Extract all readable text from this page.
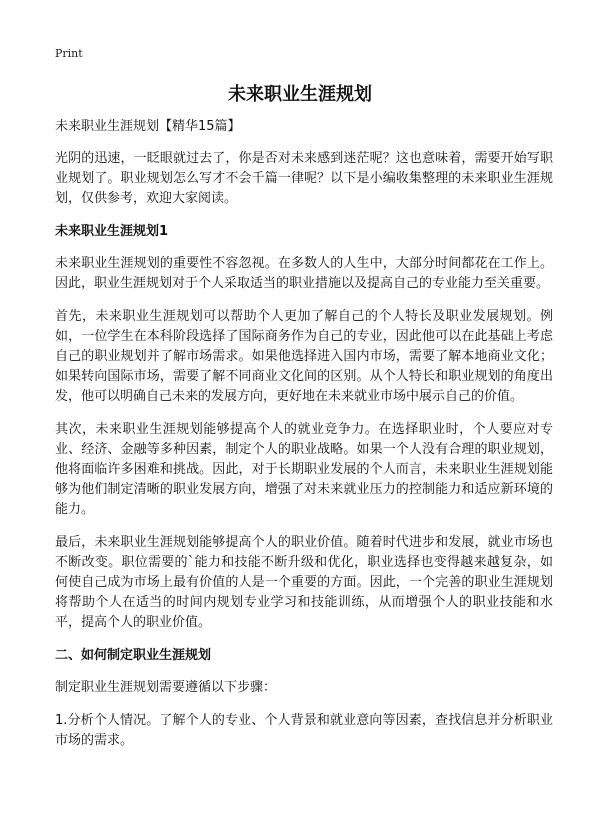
Print
未来职业生涯规划

未来职业生涯规划【精华15篇】

光阴的迅速，一眨眼就过去了，你是否对未来感到迷茫呢？这也意味着，需要开始写职业规划了。职业规划怎么写才不会千篇一律呢？以下是小编收集整理的未来职业生涯规划，仅供参考，欢迎大家阅读。

未来职业生涯规划1

未来职业生涯规划的重要性不容忽视。在多数人的人生中，大部分时间都花在工作上。因此，职业生涯规划对于个人采取适当的职业措施以及提高自己的专业能力至关重要。

首先，未来职业生涯规划可以帮助个人更加了解自己的个人特长及职业发展规划。例如，一位学生在本科阶段选择了国际商务作为自己的专业，因此他可以在此基础上考虑自己的职业规划并了解市场需求。如果他选择进入国内市场，需要了解本地商业文化；如果转向国际市场，需要了解不同商业文化间的区别。从个人特长和职业规划的角度出发，他可以明确自己未来的发展方向，更好地在未来就业市场中展示自己的价值。

其次，未来职业生涯规划能够提高个人的就业竞争力。在选择职业时，个人要应对专业、经济、金融等多种因素，制定个人的职业战略。如果一个人没有合理的职业规划，他将面临许多困难和挑战。因此，对于长期职业发展的个人而言，未来职业生涯规划能够为他们制定清晰的职业发展方向，增强了对未来就业压力的控制能力和适应新环境的能力。

最后，未来职业生涯规划能够提高个人的职业价值。随着时代进步和发展，就业市场也不断改变。职位需要的`能力和技能不断升级和优化，职业选择也变得越来越复杂，如何使自己成为市场上最有价值的人是一个重要的方面。因此，一个完善的职业生涯规划将帮助个人在适当的时间内规划专业学习和技能训练，从而增强个人的职业技能和水平，提高个人的职业价值。

二、如何制定职业生涯规划

制定职业生涯规划需要遵循以下步骤：

1.分析个人情况。了解个人的专业、个人背景和就业意向等因素，查找信息并分析职业市场的需求。
